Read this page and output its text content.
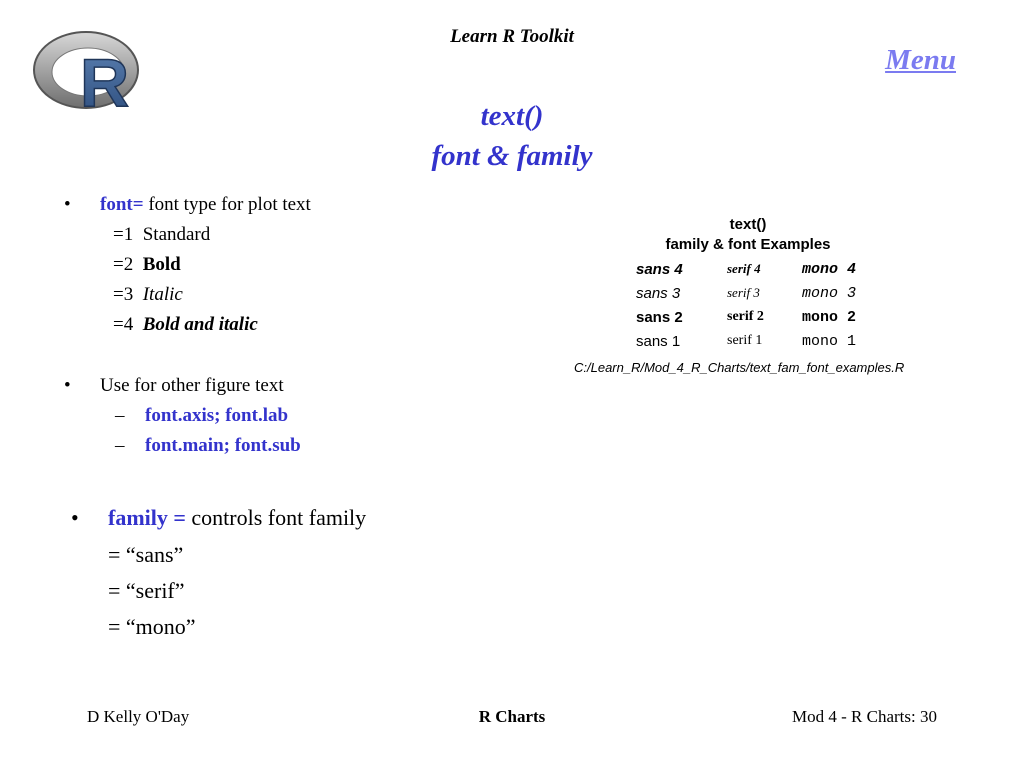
R
Learn R Toolkit
Menu
text()
font & family
• font= font type for plot text
=1 Standard
=2 Bold
=3 Italic
=4 Bold and italic
• Use for other figure text
– font.axis; font.lab
– font.main; font.sub
• family = controls font family
= “sans”
= “serif”
= “mono”
text()
family & font Examples
sans 4	serif 4	mono 4
sans 3	serif 3	mono 3
sans 2	serif 2	mono 2
sans 1	serif 1	mono 1
C:/Learn_R/Mod_4_R_Charts/text_fam_font_examples.R
D Kelly O'Day	R Charts	Mod 4 - R Charts: 30
